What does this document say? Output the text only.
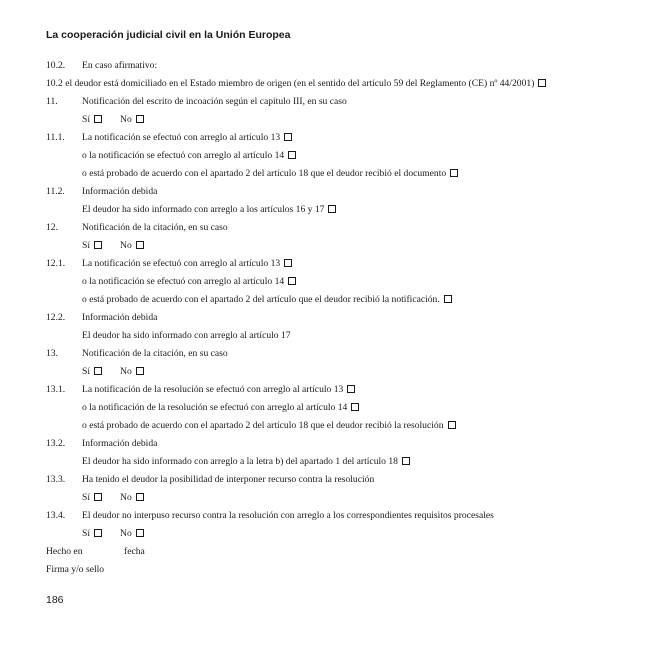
La cooperación judicial civil en la Unión Europea
10.2. En caso afirmativo:
10.2 el deudor está domiciliado en el Estado miembro de origen (en el sentido del artículo 59 del Reglamento (CE) nº 44/2001)
11.	Notificación del escrito de incoación según el capítulo III, en su caso
Sí	No
11.1. La notificación se efectuó con arreglo al artículo 13
o la notificación se efectuó con arreglo al artículo 14
o está probado de acuerdo con el apartado 2 del artículo 18 que el deudor recibió el documento
11.2. Información debida
El deudor ha sido informado con arreglo a los artículos 16 y 17
12.	Notificación de la citación, en su caso
Sí	No
12.1. La notificación se efectuó con arreglo al artículo 13
o la notificación se efectuó con arreglo al artículo 14
o está probado de acuerdo con el apartado 2 del artículo que el deudor recibió la notificación.
12.2. Información debida
El deudor ha sido informado con arreglo al artículo 17
13.	Notificación de la citación, en su caso
Sí	No
13.1. La notificación de la resolución se efectuó con arreglo al artículo 13
o la notificación de la resolución se efectuó con arreglo al artículo 14
o está probado de acuerdo con el apartado 2 del artículo 18 que el deudor recibió la resolución
13.2. Información debida
El deudor ha sido informado con arreglo a la letra b) del apartado 1 del artículo 18
13.3. Ha tenido el deudor la posibilidad de interponer recurso contra la resolución
Sí	No
13.4. El deudor no interpuso recurso contra la resolución con arreglo a los correspondientes requisitos procesales
Sí	No
Hecho en	fecha
Firma y/o sello
186
